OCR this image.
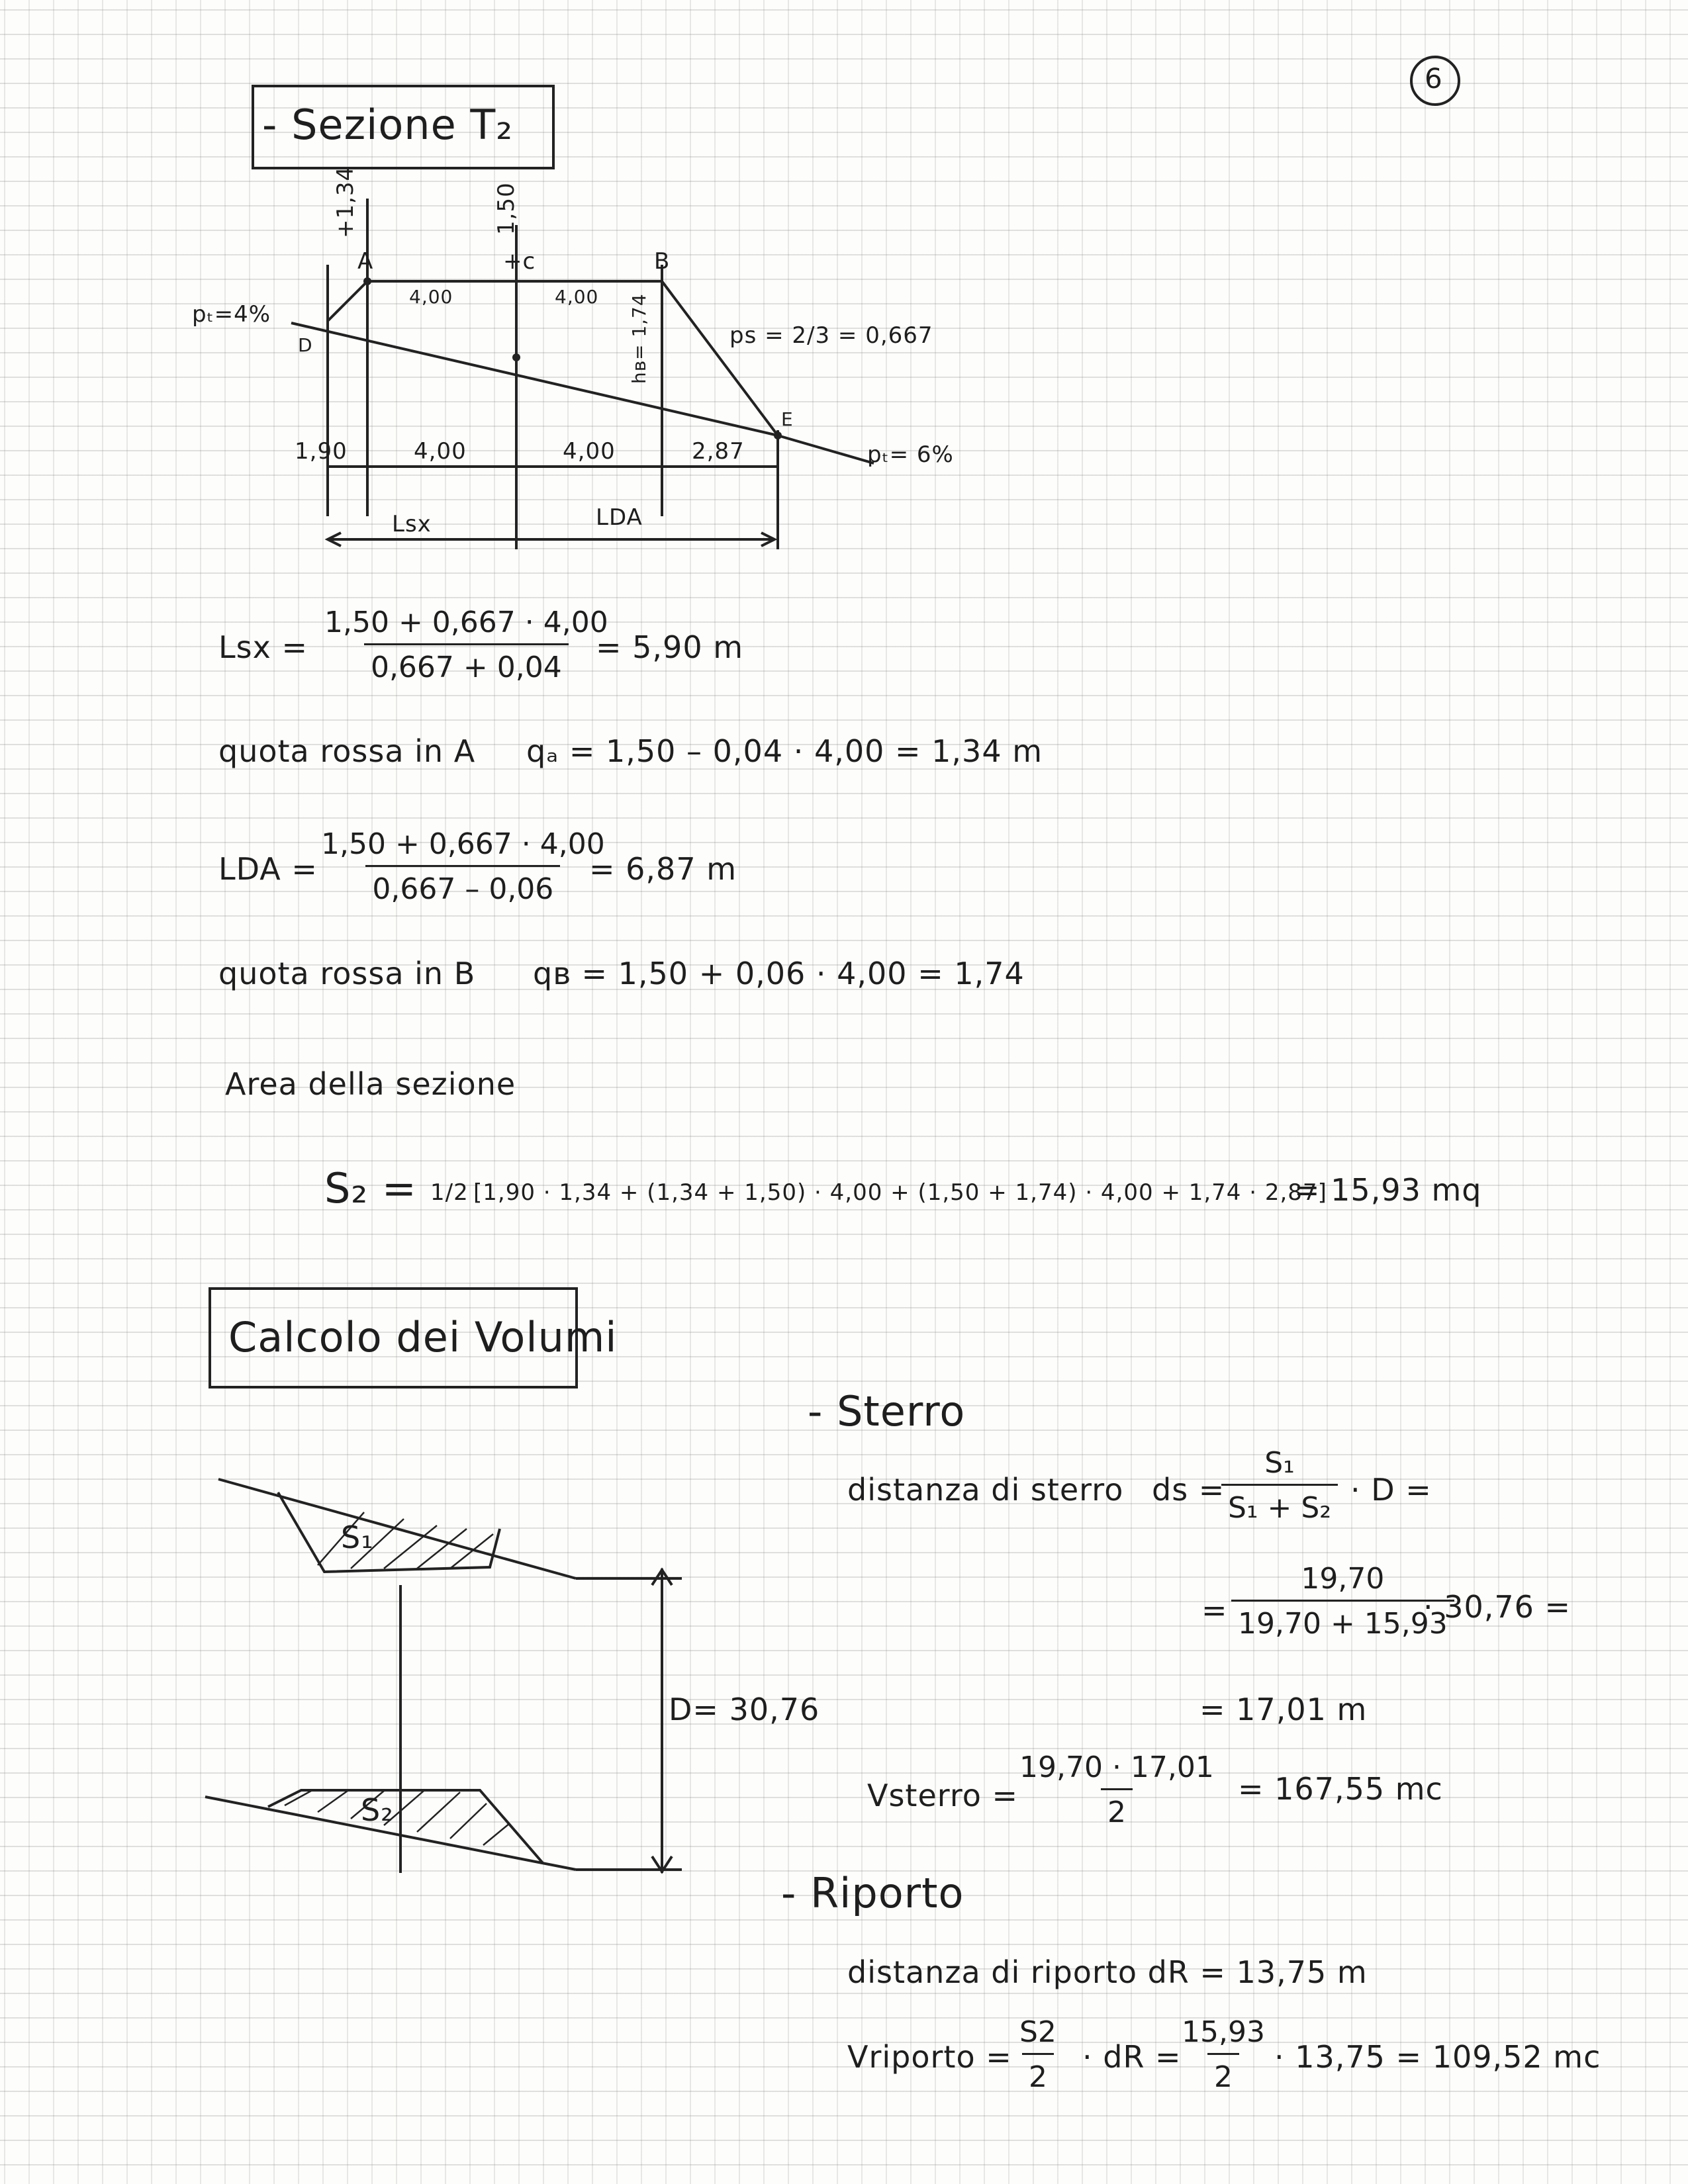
6
- Sezione T₂
+1,34
A
1,50
+c	B
pₜ=4%
D
4,00	4,00 hʙ= 1,74	ps = 2/3 = 0,667
E
1,90	4,00	4,00	2,87	pₜ= 6%
Lsx	LDA
Lsx = $\frac{1,50 + 0,667 \cdot 4,00}{0,667 + 0,04}$
= 5,90 m
quota rossa in A qₐ = 1,50 – 0,04 · 4,00 = 1,34 m
LDA =
$\frac{1,50 + 0,667 \cdot 4,00}{0,667 - 0,06}$
= 6,87 m
quota rossa in B qʙ = 1,50 + 0,06 · 4,00 = 1,74
Area della sezione
S₂ = 1/2 [1,90 · 1,34 + (1,34 + 1,50) · 4,00 + (1,50 + 1,74) · 4,00 + 1,74 · 2,87]
= 15,93 mq
Calcolo dei Volumi
S₁
S₂
D= 30,76
- Sterro
distanza di sterro ds =
$\frac{\text{S₁}}{\text{S₁ + S₂}} \cdot D$ =
= $\frac{19,70}{19,70 + 15,93}$
· 30,76 =
= 17,01 m
Vsterro =
$\frac{19,70 \cdot 17,01}{2} = 167,55$ mc
- Riporto
distanza di riporto dR = 13,75 m
Vriporto = $\frac{S2}{2}$ · dR =
$\frac{15,93}{2} \cdot 13,75 = 109,52$ mc
